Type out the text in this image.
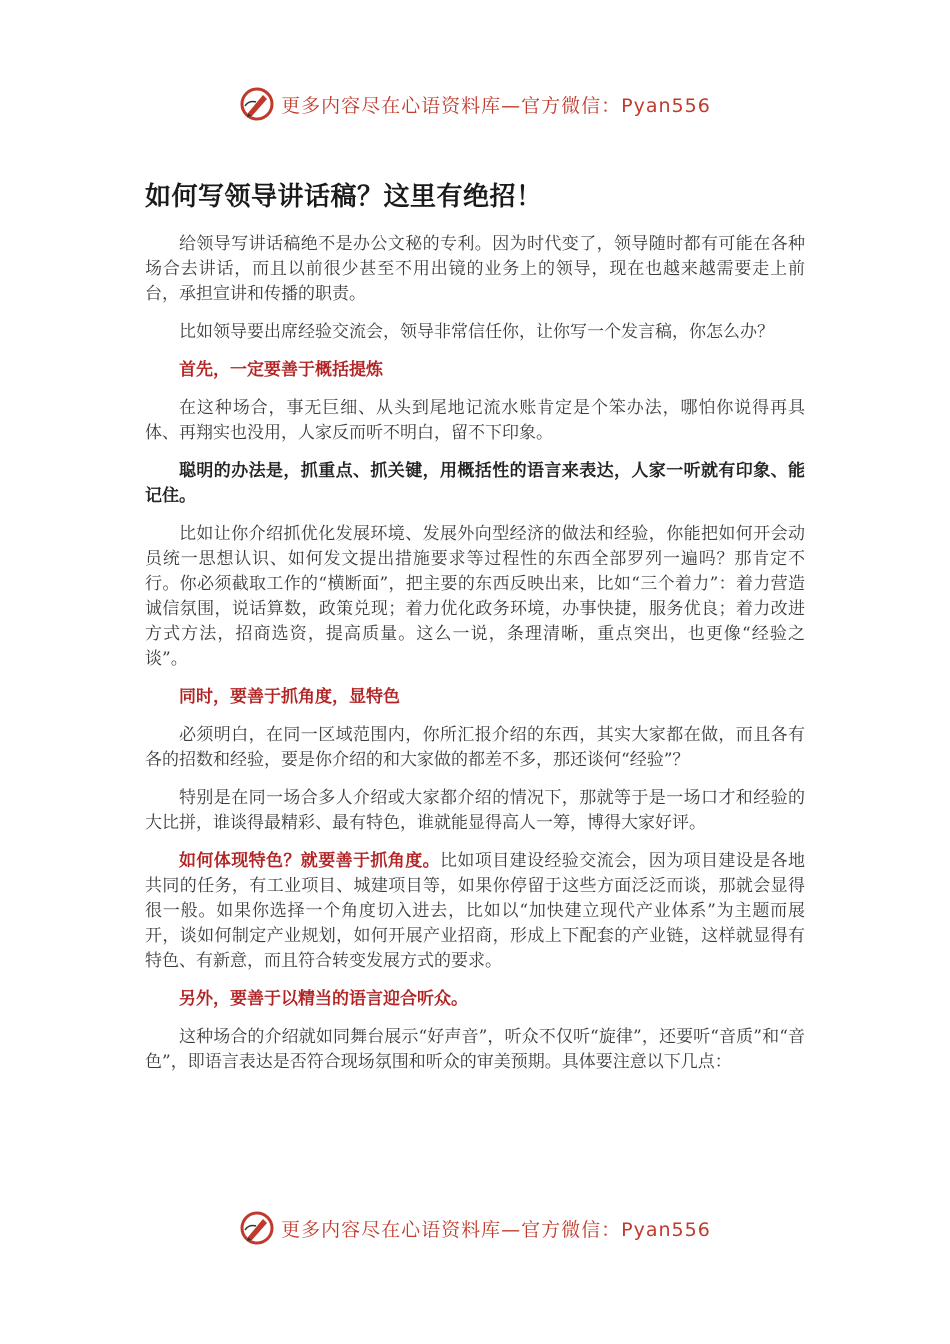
更多内容尽在心语资料库—官方微信：Pyan556
如何写领导讲话稿？这里有绝招！

给领导写讲话稿绝不是办公文秘的专利。因为时代变了，领导随时都有可能在各种场合去讲话，而且以前很少甚至不用出镜的业务上的领导，现在也越来越需要走上前台，承担宣讲和传播的职责。

比如领导要出席经验交流会，领导非常信任你，让你写一个发言稿，你怎么办？

首先，一定要善于概括提炼

在这种场合，事无巨细、从头到尾地记流水账肯定是个笨办法，哪怕你说得再具体、再翔实也没用，人家反而听不明白，留不下印象。

聪明的办法是，抓重点、抓关键，用概括性的语言来表达，人家一听就有印象、能记住。

比如让你介绍抓优化发展环境、发展外向型经济的做法和经验，你能把如何开会动员统一思想认识、如何发文提出措施要求等过程性的东西全部罗列一遍吗？那肯定不行。你必须截取工作的“横断面”，把主要的东西反映出来，比如“三个着力”：着力营造诚信氛围，说话算数，政策兑现；着力优化政务环境，办事快捷，服务优良；着力改进方式方法，招商选资，提高质量。这么一说，条理清晰，重点突出，也更像“经验之谈”。

同时，要善于抓角度，显特色

必须明白，在同一区域范围内，你所汇报介绍的东西，其实大家都在做，而且各有各的招数和经验，要是你介绍的和大家做的都差不多，那还谈何“经验”？

特别是在同一场合多人介绍或大家都介绍的情况下，那就等于是一场口才和经验的大比拼，谁谈得最精彩、最有特色，谁就能显得高人一筹，博得大家好评。

如何体现特色？就要善于抓角度。比如项目建设经验交流会，因为项目建设是各地共同的任务，有工业项目、城建项目等，如果你停留于这些方面泛泛而谈，那就会显得很一般。如果你选择一个角度切入进去，比如以“加快建立现代产业体系”为主题而展开，谈如何制定产业规划，如何开展产业招商，形成上下配套的产业链，这样就显得有特色、有新意，而且符合转变发展方式的要求。

另外，要善于以精当的语言迎合听众。

这种场合的介绍就如同舞台展示“好声音”，听众不仅听“旋律”，还要听“音质”和“音色”，即语言表达是否符合现场氛围和听众的审美预期。具体要注意以下几点：

更多内容尽在心语资料库—官方微信：Pyan556
